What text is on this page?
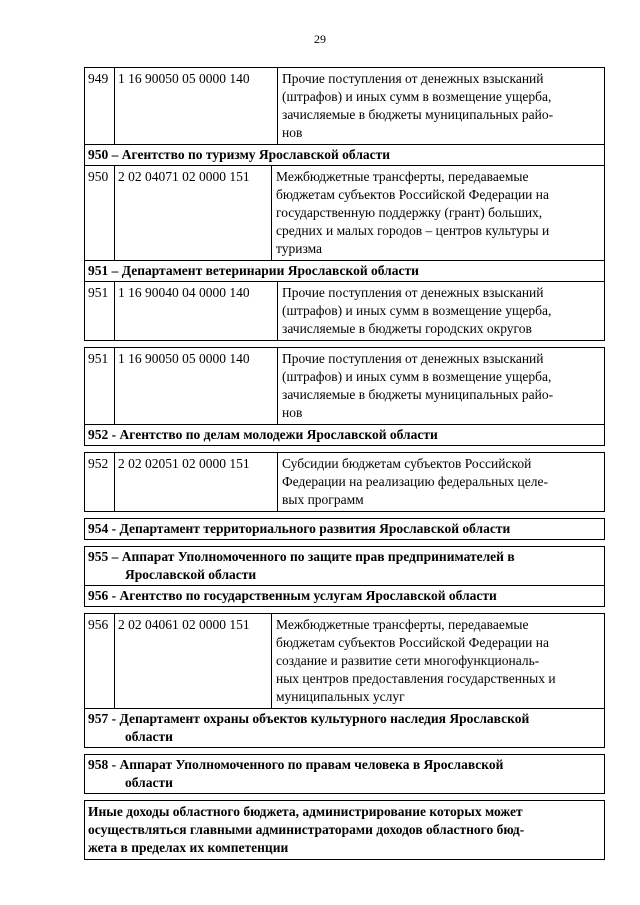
29
949 1 16 90050 05 0000 140	Прочие поступления от денежных взысканий
(штрафов) и иных сумм в возмещение ущерба,
зачисляемые в бюджеты муниципальных райо-
нов
950 – Агентство по туризму Ярославской области
950 2 02 04071 02 0000 151	Межбюджетные трансферты, передаваемые
бюджетам субъектов Российской Федерации на
государственную поддержку (грант) больших,
средних и малых городов – центров культуры и
туризма
951 – Департамент ветеринарии Ярославской области
951 1 16 90040 04 0000 140	Прочие поступления от денежных взысканий
(штрафов) и иных сумм в возмещение ущерба,
зачисляемые в бюджеты городских округов
951 1 16 90050 05 0000 140	Прочие поступления от денежных взысканий
(штрафов) и иных сумм в возмещение ущерба,
зачисляемые в бюджеты муниципальных райо-
нов
952 - Агентство по делам молодежи Ярославской области
952 2 02 02051 02 0000 151	Субсидии бюджетам субъектов Российской
Федерации на реализацию федеральных целе-
вых программ
954 - Департамент территориального развития Ярославской области
955 – Аппарат Уполномоченного по защите прав предпринимателей в
Ярославской области
956 - Агентство по государственным услугам Ярославской области
956 2 02 04061 02 0000 151	Межбюджетные трансферты, передаваемые
бюджетам субъектов Российской Федерации на
создание и развитие сети многофункциональ-
ных центров предоставления государственных и
муниципальных услуг
957 - Департамент охраны объектов культурного наследия Ярославской
области
958 - Аппарат Уполномоченного по правам человека в Ярославской
области
Иные доходы областного бюджета, администрирование которых может
осуществляться главными администраторами доходов областного бюд-
жета в пределах их компетенции
